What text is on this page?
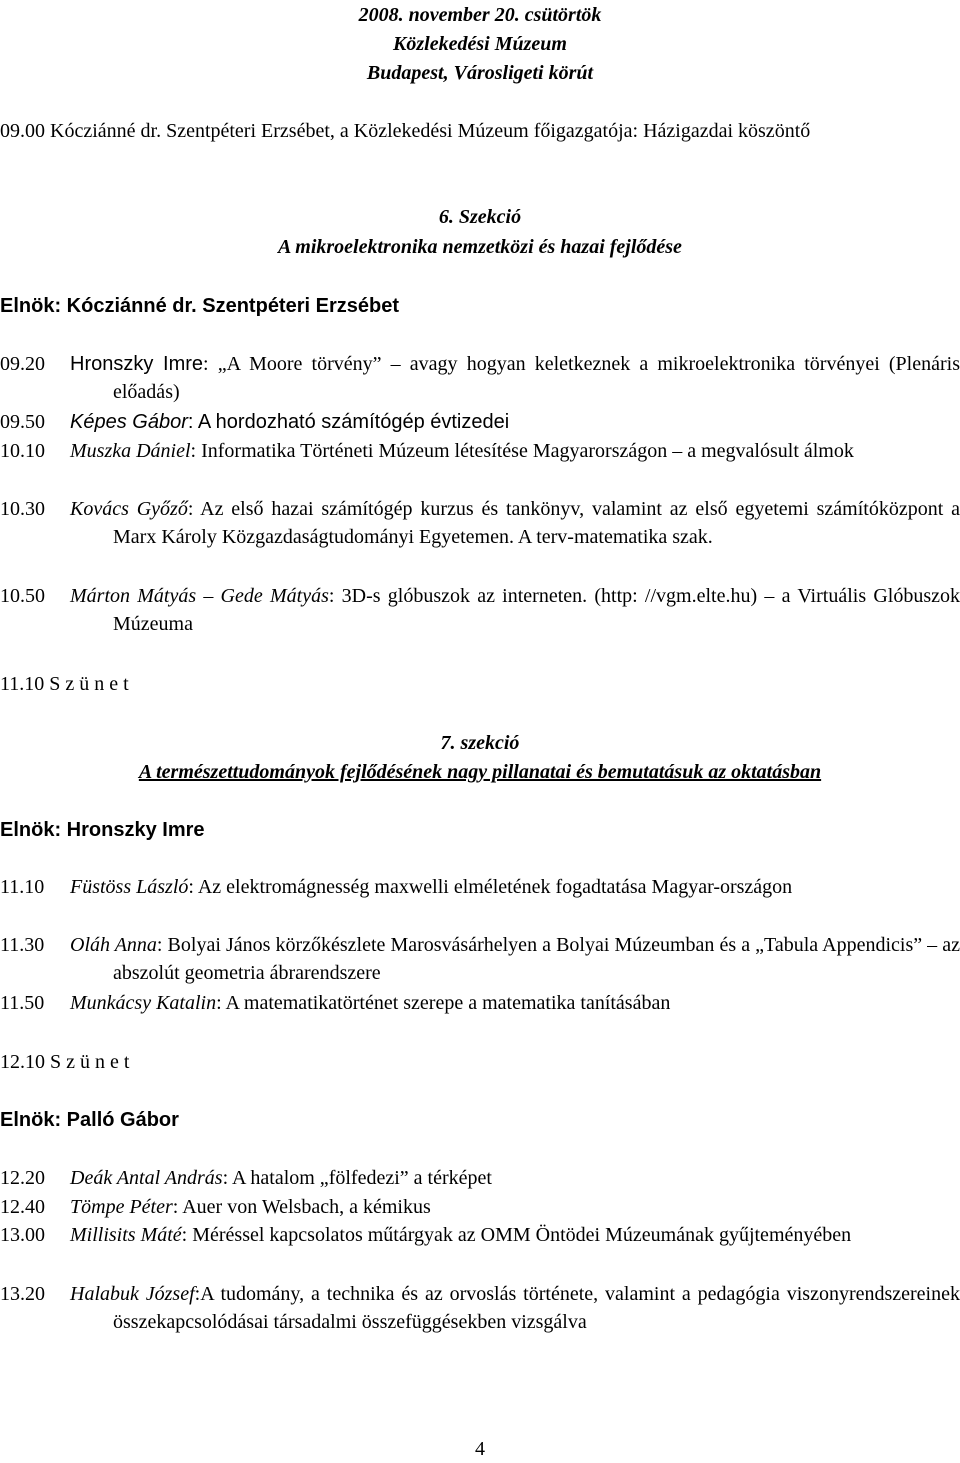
2008. november 20. csütörtök

Közlekedési Múzeum

Budapest, Városligeti körút

09.00 Kócziánné dr. Szentpéteri Erzsébet, a Közlekedési Múzeum főigazgatója: Házigazdai köszöntő

6. Szekció

A mikroelektronika nemzetközi és hazai fejlődése

Elnök: Kócziánné dr. Szentpéteri Erzsébet

09.20 Hronszky Imre: „A Moore törvény” – avagy hogyan keletkeznek a mikroelektronika törvényei (Plenáris előadás)
09.50 Képes Gábor: A hordozható számítógép évtizedei
10.10 Muszka Dániel: Informatika Történeti Múzeum létesítése Magyarországon – a megvalósult álmok
10.30 Kovács Győző: Az első hazai számítógép kurzus és tankönyv, valamint az első egyetemi számítóközpont a Marx Károly Közgazdaságtudományi Egyetemen. A terv-matematika szak.
10.50 Márton Mátyás – Gede Mátyás: 3D-s glóbuszok az interneten. (http: //vgm.elte.hu) – a Virtuális Glóbuszok Múzeuma

11.10 S z ü n e t

7. szekció

A természettudományok fejlődésének nagy pillanatai és bemutatásuk az oktatásban

Elnök: Hronszky Imre

11.10 Füstöss László: Az elektromágnesség maxwelli elméletének fogadtatása Magyar-országon
11.30 Oláh Anna: Bolyai János körzőkészlete Marosvásárhelyen a Bolyai Múzeumban és a „Tabula Appendicis” – az abszolút geometria ábrarendszere
11.50 Munkácsy Katalin: A matematikatörténet szerepe a matematika tanításában

12.10 S z ü n e t

Elnök: Palló Gábor

12.20 Deák Antal András: A hatalom „fölfedezi” a térképet
12.40 Tömpe Péter: Auer von Welsbach, a kémikus
13.00 Millisits Máté: Méréssel kapcsolatos műtárgyak az OMM Öntödei Múzeumának gyűjteményében
13.20 Halabuk József:A tudomány, a technika és az orvoslás története, valamint a pedagógia viszonyrendszereinek összekapcsolódásai társadalmi összefüggésekben vizsgálva

4
